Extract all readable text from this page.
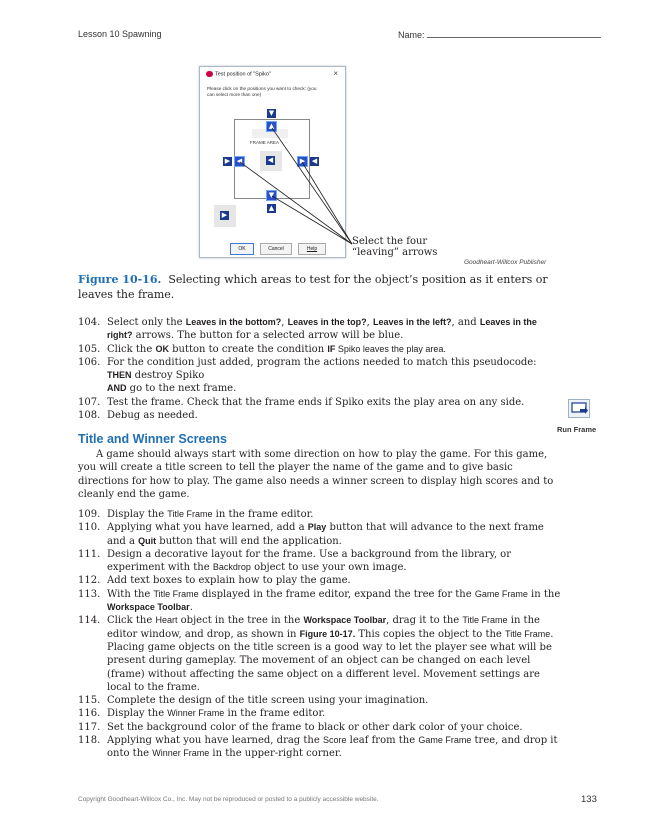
Lesson 10 Spawning	Name:
Test position of "Spiko"	×
Please click on the positions you want to check: (you can select more than one)
FRAME AREA
▼
▲
▶ ◀	◀	▶ ◀
▼
▲
▶
OK	Cancel	Help
Select the four
“leaving” arrows
Goodheart-Willcox Publisher
Figure 10-16. Selecting which areas to test for the object’s position as it enters or leaves the frame.
104. Select only the Leaves in the bottom?, Leaves in the top?, Leaves in the left?, and Leaves in the right? arrows. The button for a selected arrow will be blue.
105. Click the OK button to create the condition IF Spiko leaves the play area.
106. For the condition just added, program the actions needed to match this pseudocode:
THEN destroy Spiko
AND go to the next frame.
107. Test the frame. Check that the frame ends if Spiko exits the play area on any side.
108. Debug as needed.
Run Frame
Title and Winner Screens

A game should always start with some direction on how to play the game. For this game, you will create a title screen to tell the player the name of the game and to give basic directions for how to play. The game also needs a winner screen to display high scores and to cleanly end the game.

109. Display the Title Frame in the frame editor.
110. Applying what you have learned, add a Play button that will advance to the next frame and a Quit button that will end the application.
111. Design a decorative layout for the frame. Use a background from the library, or experiment with the Backdrop object to use your own image.
112. Add text boxes to explain how to play the game.
113. With the Title Frame displayed in the frame editor, expand the tree for the Game Frame in the Workspace Toolbar.
114. Click the Heart object in the tree in the Workspace Toolbar, drag it to the Title Frame in the editor window, and drop, as shown in Figure 10-17. This copies the object to the Title Frame. Placing game objects on the title screen is a good way to let the player see what will be present during gameplay. The movement of an object can be changed on each level (frame) without affecting the same object on a different level. Movement settings are local to the frame.
115. Complete the design of the title screen using your imagination.
116. Display the Winner Frame in the frame editor.
117. Set the background color of the frame to black or other dark color of your choice.
118. Applying what you have learned, drag the Score leaf from the Game Frame tree, and drop it onto the Winner Frame in the upper-right corner.
Copyright Goodheart-Willcox Co., Inc. May not be reproduced or posted to a publicly accessible website.	133
